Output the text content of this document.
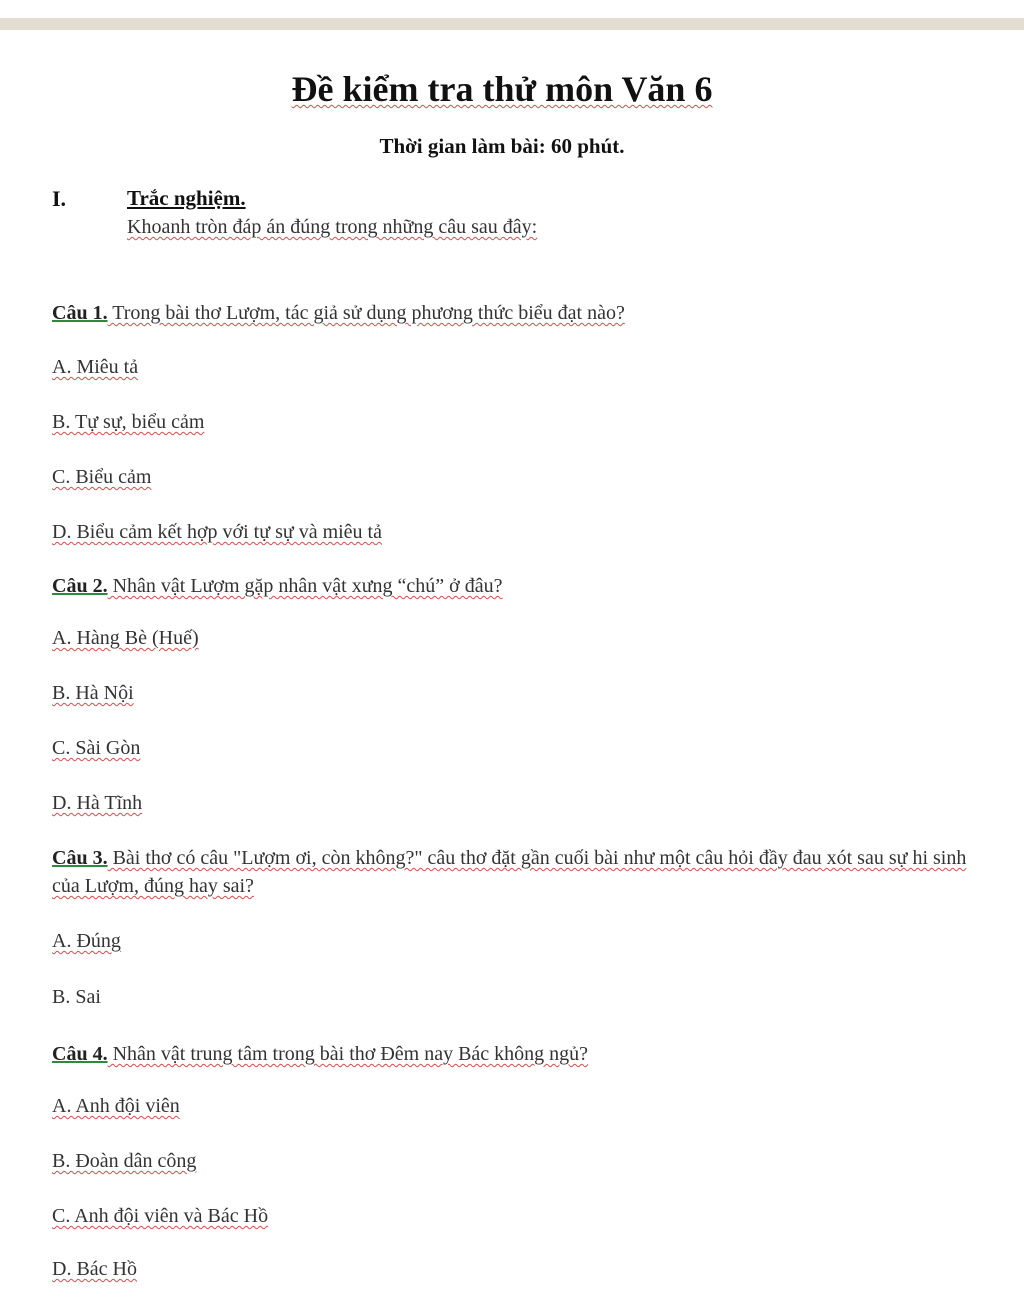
Đề kiểm tra thử môn Văn 6
Thời gian làm bài: 60 phút.
I.	Trắc nghiệm.
Khoanh tròn đáp án đúng trong những câu sau đây:
Câu 1. Trong bài thơ Lượm, tác giả sử dụng phương thức biểu đạt nào?
A. Miêu tả
B. Tự sự, biểu cảm
C. Biểu cảm
D. Biểu cảm kết hợp với tự sự và miêu tả
Câu 2. Nhân vật Lượm gặp nhân vật xưng “chú” ở đâu?
A. Hàng Bè (Huế)
B. Hà Nội
C. Sài Gòn
D. Hà Tĩnh
Câu 3. Bài thơ có câu "Lượm ơi, còn không?" câu thơ đặt gần cuối bài như một câu hỏi đầy đau xót sau sự hi sinh của Lượm, đúng hay sai?
A. Đúng
B. Sai
Câu 4. Nhân vật trung tâm trong bài thơ Đêm nay Bác không ngủ?
A. Anh đội viên
B. Đoàn dân công
C. Anh đội viên và Bác Hồ
D. Bác Hồ
